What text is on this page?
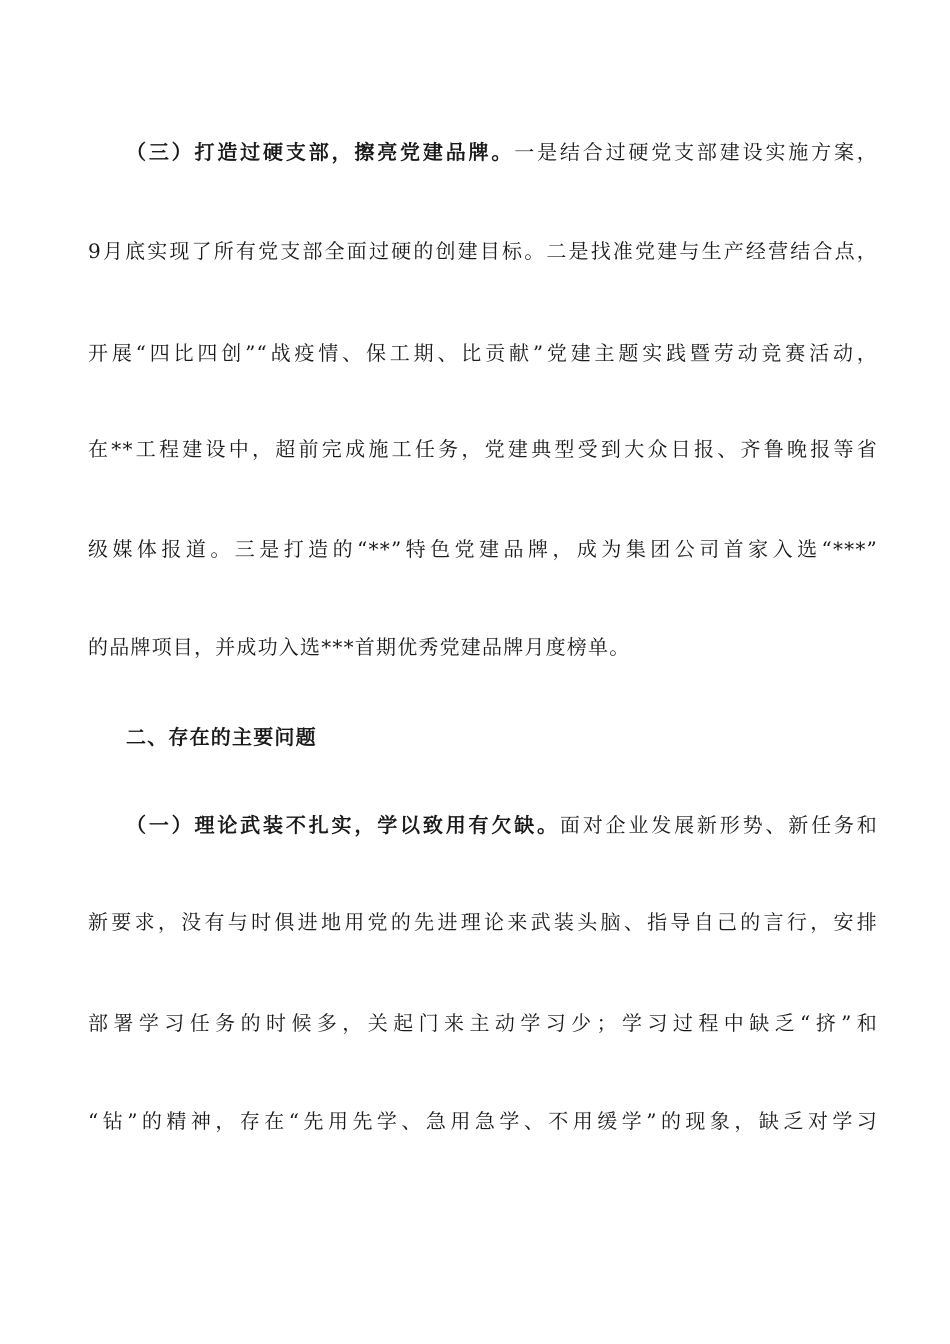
（三）打造过硬支部，擦亮党建品牌。一是结合过硬党支部建设实施方案，
9月底实现了所有党支部全面过硬的创建目标。二是找准党建与生产经营结合点，
开展“四比四创”“战疫情、保工期、比贡献”党建主题实践暨劳动竞赛活动，
在**工程建设中，超前完成施工任务，党建典型受到大众日报、齐鲁晚报等省
级媒体报道。三是打造的“**”特色党建品牌，成为集团公司首家入选“***”
的品牌项目，并成功入选***首期优秀党建品牌月度榜单。
二、存在的主要问题
（一）理论武装不扎实，学以致用有欠缺。面对企业发展新形势、新任务和
新要求，没有与时俱进地用党的先进理论来武装头脑、指导自己的言行，安排
部署学习任务的时候多，关起门来主动学习少；学习过程中缺乏“挤”和
“钻”的精神，存在“先用先学、急用急学、不用缓学”的现象，缺乏对学习
